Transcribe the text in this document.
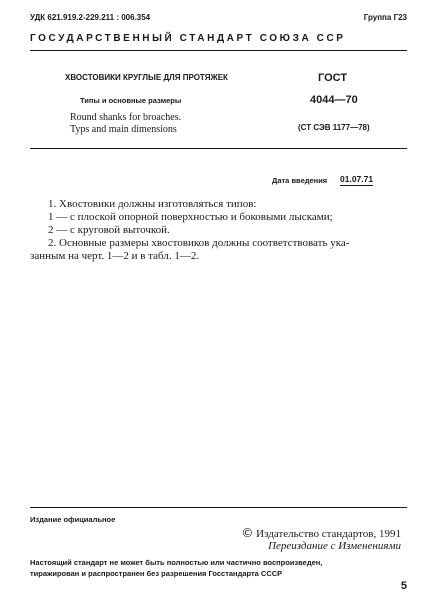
УДК 621.919.2-229.211 : 006.354	Группа Г23
ГОСУДАРСТВЕННЫЙ СТАНДАРТ СОЮЗА ССР
ХВОСТОВИКИ КРУГЛЫЕ ДЛЯ ПРОТЯЖЕК
Типы и основные размеры
Round shanks for broaches.
Typs and main dimensions
ГОСТ
4044—70
(СТ СЭВ 1177—78)
Дата введения 01.07.71

1. Хвостовики должны изготовляться типов:

1 — с плоской опорной поверхностью и боковыми лысками;

2 — с круговой выточкой.

2. Основные размеры хвостовиков должны соответствовать ука-

занным на черт. 1—2 и в табл. 1—2.

Издание официальное
© Издательство стандартов, 1991
Переиздание с Изменениями

Настоящий стандарт не может быть полностью или частично воспроизведен,

тиражирован и распространен без разрешения Госстандарта СССР

5
